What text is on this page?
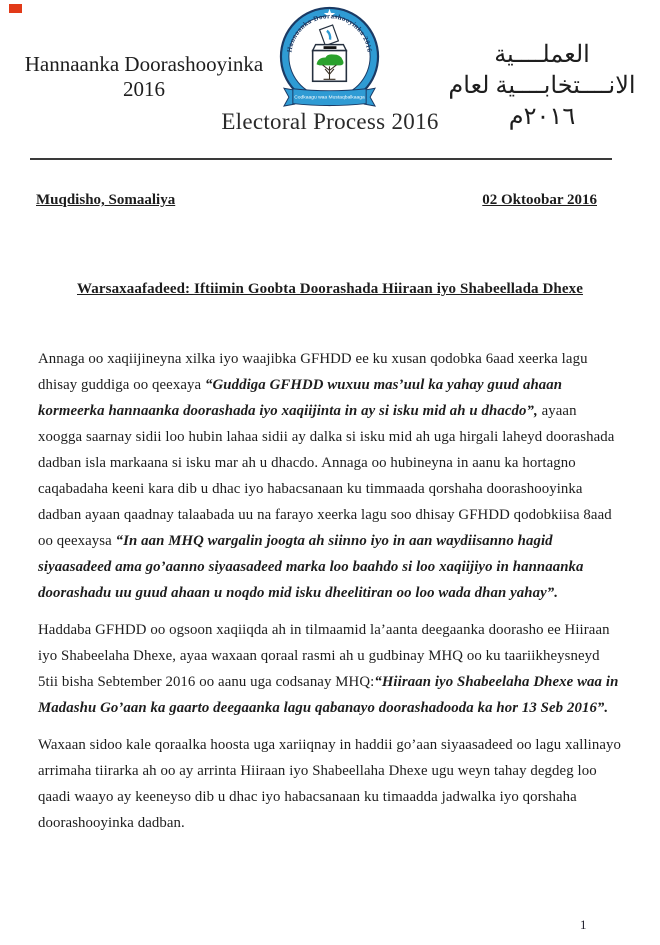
Hannaanka Doorashooyinka
2016
Hannaanka Doorashooyinka 2016
Codkaagu waa Mustaqbalkaaga
العملــــية الانــــتخابــــية لعام
٢٠١٦م
Electoral Process 2016
Muqdisho, Somaaliya	02 Oktoobar 2016
Warsaxaafadeed: Iftiimin Goobta Doorashada Hiiraan iyo Shabeellada Dhexe

Annaga oo xaqiijineyna xilka iyo waajibka GFHDD ee ku xusan qodobka 6aad xeerka lagu dhisay guddiga oo qeexaya “Guddiga GFHDD wuxuu mas’uul ka yahay guud ahaan kormeerka hannaanka doorashada iyo xaqiijinta in ay si isku mid ah u dhacdo”, ayaan xoogga saarnay sidii loo hubin lahaa sidii ay dalka si isku mid ah uga hirgali laheyd doorashada dadban isla markaana si isku mar ah u dhacdo. Annaga oo hubineyna in aanu ka hortagno caqabadaha keeni kara dib u dhac iyo habacsanaan ku timmaada qorshaha doorashooyinka dadban ayaan qaadnay talaabada uu na farayo xeerka lagu soo dhisay GFHDD qodobkiisa 8aad oo qeexaysa “In aan MHQ wargalin joogta ah siinno iyo in aan waydiisanno hagid siyaasadeed ama go’aanno siyaasadeed marka loo baahdo si loo xaqiijiyo in hannaanka doorashadu uu guud ahaan u noqdo mid isku dheelitiran oo loo wada dhan yahay”.

Haddaba GFHDD oo ogsoon xaqiiqda ah in tilmaamid la’aanta deegaanka doorasho ee Hiiraan iyo Shabeelaha Dhexe, ayaa waxaan qoraal rasmi ah u gudbinay MHQ oo ku taariikheysneyd 5tii bisha Sebtember 2016 oo aanu uga codsanay MHQ:“Hiiraan iyo Shabeelaha Dhexe waa in Madashu Go’aan ka gaarto deegaanka lagu qabanayo doorashadooda ka hor 13 Seb 2016”.

Waxaan sidoo kale qoraalka hoosta uga xariiqnay in haddii go’aan siyaasadeed oo lagu xallinayo arrimaha tiirarka ah oo ay arrinta Hiiraan iyo Shabeellaha Dhexe ugu weyn tahay degdeg loo qaadi waayo ay keeneyso dib u dhac iyo habacsanaan ku timaadda jadwalka iyo qorshaha doorashooyinka dadban.

1
